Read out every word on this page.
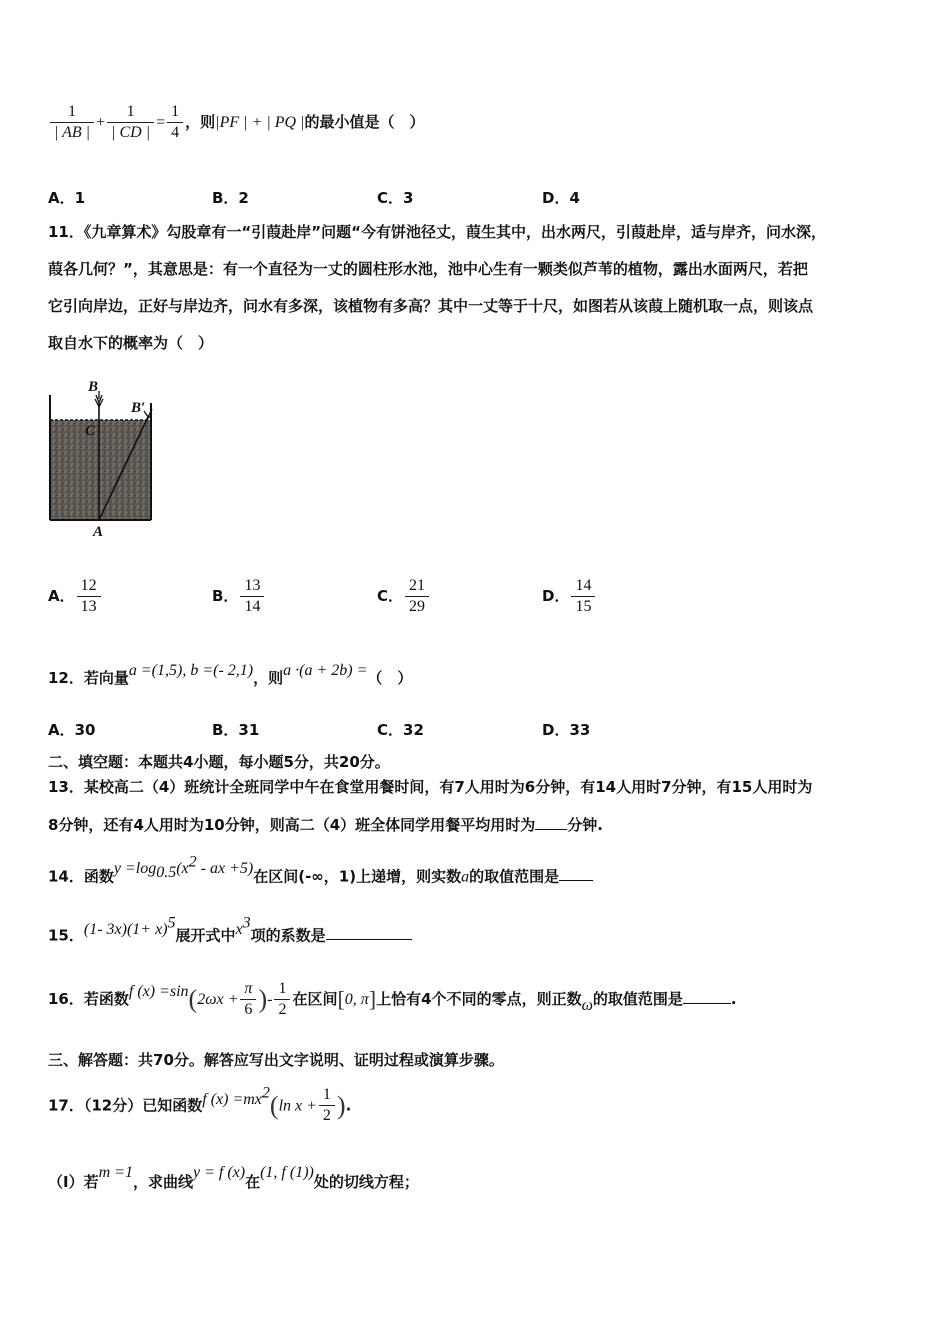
$\frac{1}{| AB |} + \frac{1}{| CD |} = \frac{1}{4}$ ，则|PF | + | PQ |的最小值是（　）
A．1	B．2	C．3	D．4
11．《九章算术》勾股章有一“引葭赴岸”问题“今有饼池径丈，葭生其中，出水两尺，引葭赴岸，适与岸齐，问水深，
葭各几何？”，其意思是：有一个直径为一丈的圆柱形水池，池中心生有一颗类似芦苇的植物，露出水面两尺，若把
它引向岸边，正好与岸边齐，问水有多深，该植物有多高？其中一丈等于十尺，如图若从该葭上随机取一点，则该点
取自水下的概率为（　）
B
C
B′
A
A． $\frac{12}{13}$	B． $\frac{13}{14}$	C． $\frac{21}{29}$	D． $\frac{14}{15}$
12．若向量a =(1,5), b =(- 2,1)，则a ·(a + 2b) =（　）
A．30	B．31	C．32	D．33
二、填空题：本题共4小题，每小题5分，共20分。
13．某校高二（4）班统计全班同学中午在食堂用餐时间，有7人用时为6分钟，有14人用时7分钟，有15人用时为
8分钟，还有4人用时为10分钟，则高二（4）班全体同学用餐平均用时为 分钟.
14．函数$y =\log_{0.5}(x^2$ - ax +5)在区间(-∞，1)上递增，则实数a的取值范围是
15．(1- $3x)(1+ x)^5$展开式中$x^3$项的系数是
16．若函数f $(x) =\sin(2\omega x + \frac{\pi}{6}$ )- $\frac{1}{2}$ 在区间[0, π]上恰有4个不同的零点，则正数ω的取值范围是	.
三、解答题：共70分。解答应写出文字说明、证明过程或演算步骤。
17．（12分）已知函数f $(x) =mx^2(\ln$ $x + \frac{1}{2}$ ).
（Ⅰ）若m =1，求曲线y = f (x)在(1, f (1))处的切线方程；
